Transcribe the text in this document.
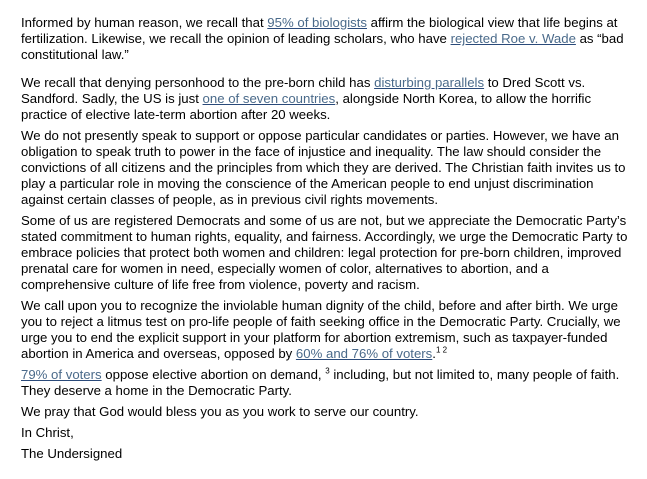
Informed by human reason, we recall that 95% of biologists affirm the biological view that life begins at fertilization. Likewise, we recall the opinion of leading scholars, who have rejected Roe v. Wade as “bad constitutional law.”

We recall that denying personhood to the pre-born child has disturbing parallels to Dred Scott vs. Sandford. Sadly, the US is just one of seven countries, alongside North Korea, to allow the horrific practice of elective late-term abortion after 20 weeks.

We do not presently speak to support or oppose particular candidates or parties. However, we have an obligation to speak truth to power in the face of injustice and inequality. The law should consider the convictions of all citizens and the principles from which they are derived. The Christian faith invites us to play a particular role in moving the conscience of the American people to end unjust discrimination against certain classes of people, as in previous civil rights movements.

Some of us are registered Democrats and some of us are not, but we appreciate the Democratic Party’s stated commitment to human rights, equality, and fairness. Accordingly, we urge the Democratic Party to embrace policies that protect both women and children: legal protection for pre-born children, improved prenatal care for women in need, especially women of color, alternatives to abortion, and a comprehensive culture of life free from violence, poverty and racism.

We call upon you to recognize the inviolable human dignity of the child, before and after birth. We urge you to reject a litmus test on pro-life people of faith seeking office in the Democratic Party. Crucially, we urge you to end the explicit support in your platform for abortion extremism, such as taxpayer-funded abortion in America and overseas, opposed by 60% and 76% of voters.$^{1 2}$

79% of voters oppose elective abortion on demand, $^3$ including, but not limited to, many people of faith. They deserve a home in the Democratic Party.

We pray that God would bless you as you work to serve our country.

In Christ,

The Undersigned
